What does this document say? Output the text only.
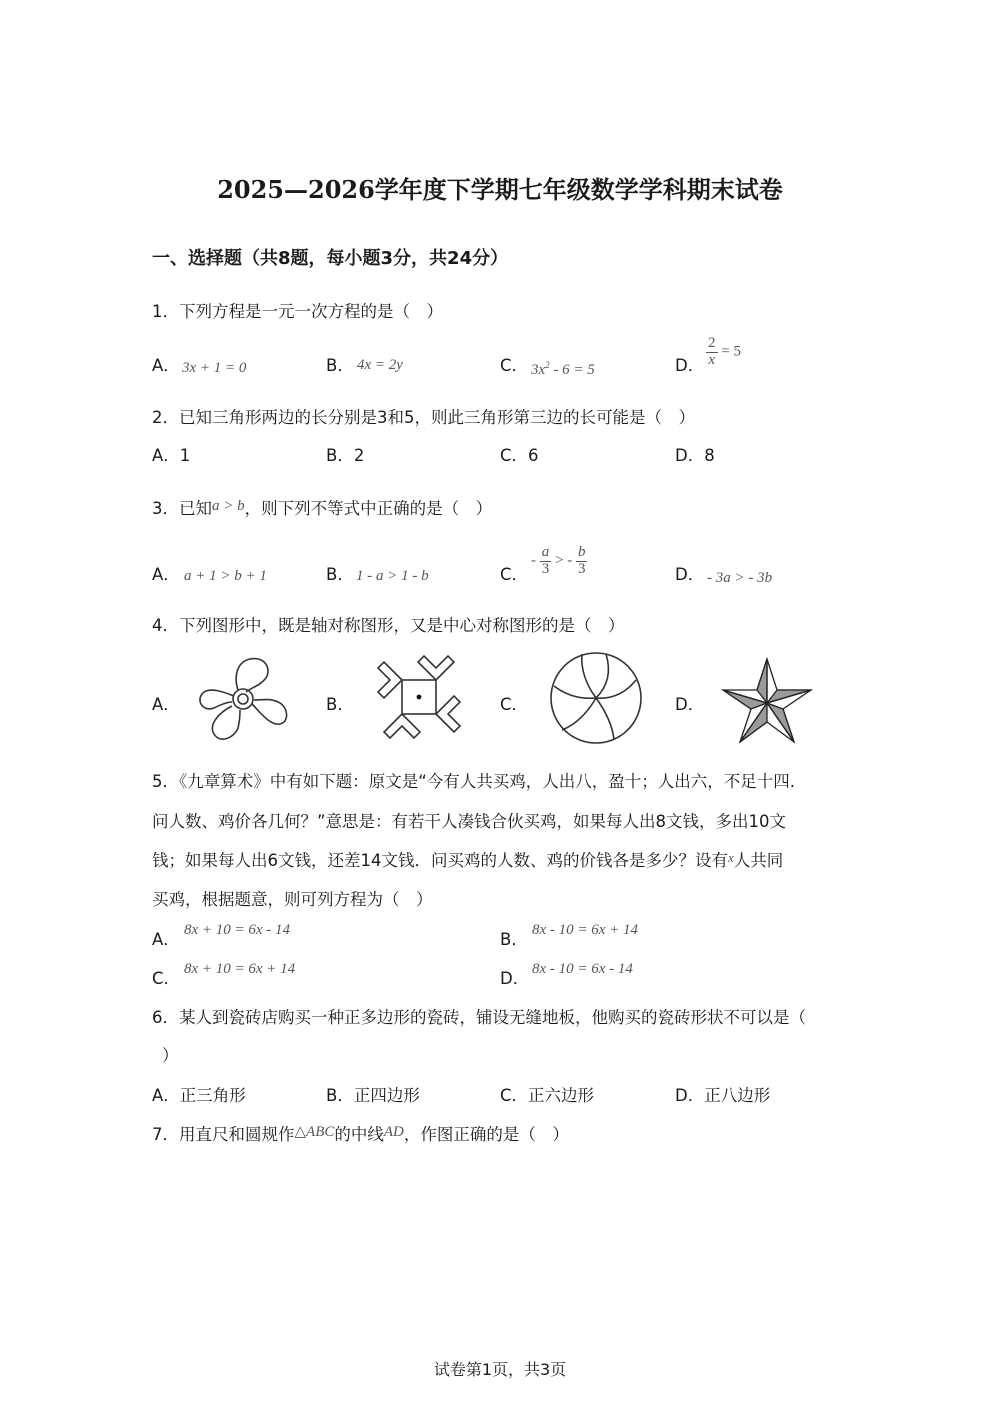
2025—2026学年度下学期七年级数学学科期末试卷
一、选择题（共8题，每小题3分，共24分）
1．下列方程是一元一次方程的是（　）
A． 3x + 1 = 0	B． 4x = 2y	C． $3x^2 - 6 = 5$	D． $\frac{2}{x} = 5$
2．已知三角形两边的长分别是3和5，则此三角形第三边的长可能是（　）
A．1	B．2	C．6	D．8
3．已知a > b，则下列不等式中正确的是（　）
A． a + 1 > b + 1	B． 1 - a > 1 - b	C．
- $\frac{a}{3}$ > - $\frac{b}{3}$	D． - 3a > - 3b
4．下列图形中，既是轴对称图形，又是中心对称图形的是（　）
A．	B．	C．	D．
5．《九章算术》中有如下题：原文是“今有人共买鸡，人出八，盈十；人出六，不足十四.
问人数、鸡价各几何？”意思是：有若干人凑钱合伙买鸡，如果每人出8文钱，多出10文
钱；如果每人出6文钱，还差14文钱．问买鸡的人数、鸡的价钱各是多少？设有$^x$人共同
买鸡，根据题意，则可列方程为（　）
A． 8x + 10 = 6x - 14	B． 8x - 10 = 6x + 14
C． 8x + 10 = 6x + 14	D． 8x - 10 = 6x - 14
6．某人到瓷砖店购买一种正多边形的瓷砖，铺设无缝地板，他购买的瓷砖形状不可以是（
）
A．正三角形	B．正四边形	C．正六边形	D．正八边形
7．用直尺和圆规作△ABC的中线AD，作图正确的是（　）
试卷第1页，共3页
